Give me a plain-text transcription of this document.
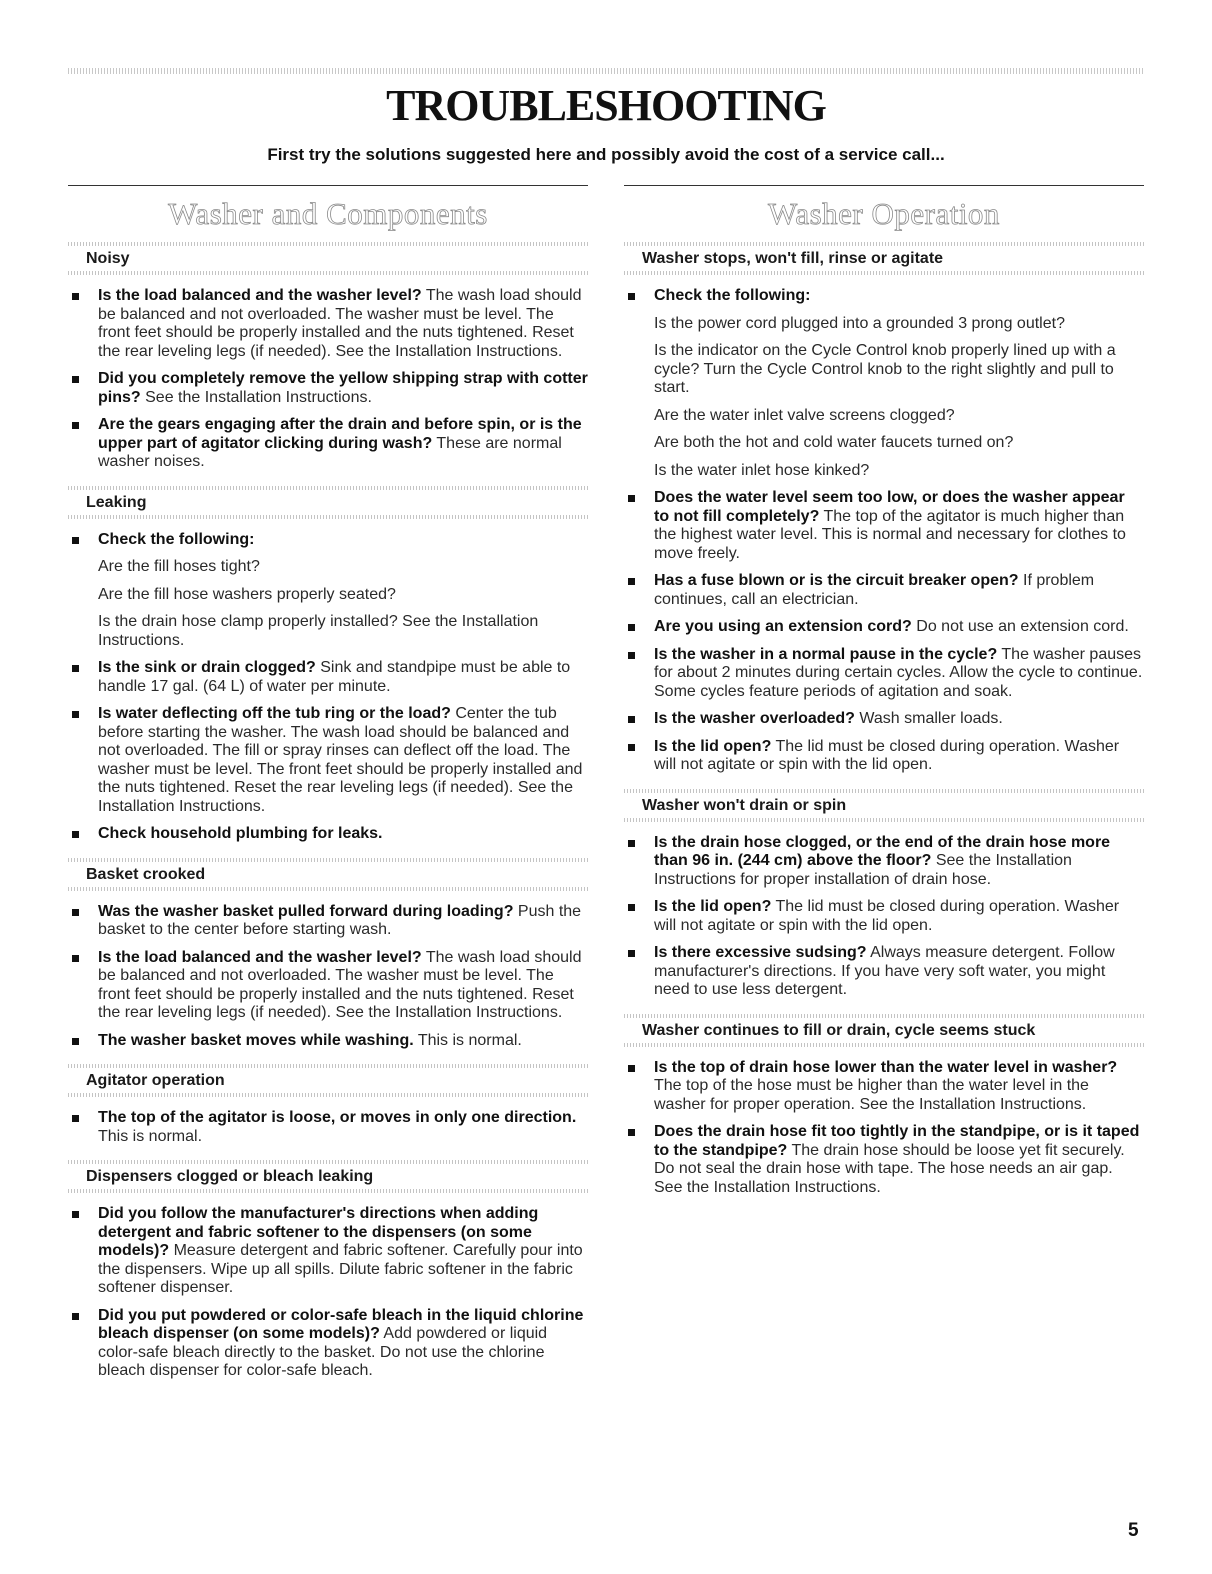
TROUBLESHOOTING

First try the solutions suggested here and possibly avoid the cost of a service call...

Washer and Components
Noisy

Is the load balanced and the washer level? The wash load should be balanced and not overloaded. The washer must be level. The front feet should be properly installed and the nuts tightened. Reset the rear leveling legs (if needed). See the Installation Instructions.

Did you completely remove the yellow shipping strap with cotter pins? See the Installation Instructions.

Are the gears engaging after the drain and before spin, or is the upper part of agitator clicking during wash? These are normal washer noises.

Leaking

Check the following:

Are the fill hoses tight?

Are the fill hose washers properly seated?

Is the drain hose clamp properly installed? See the Installation Instructions.

Is the sink or drain clogged? Sink and standpipe must be able to handle 17 gal. (64 L) of water per minute.

Is water deflecting off the tub ring or the load? Center the tub before starting the washer. The wash load should be balanced and not overloaded. The fill or spray rinses can deflect off the load. The washer must be level. The front feet should be properly installed and the nuts tightened. Reset the rear leveling legs (if needed). See the Installation Instructions.

Check household plumbing for leaks.

Basket crooked

Was the washer basket pulled forward during loading? Push the basket to the center before starting wash.

Is the load balanced and the washer level? The wash load should be balanced and not overloaded. The washer must be level. The front feet should be properly installed and the nuts tightened. Reset the rear leveling legs (if needed). See the Installation Instructions.

The washer basket moves while washing. This is normal.

Agitator operation

The top of the agitator is loose, or moves in only one direction. This is normal.

Dispensers clogged or bleach leaking

Did you follow the manufacturer's directions when adding detergent and fabric softener to the dispensers (on some models)? Measure detergent and fabric softener. Carefully pour into the dispensers. Wipe up all spills. Dilute fabric softener in the fabric softener dispenser.

Did you put powdered or color-safe bleach in the liquid chlorine bleach dispenser (on some models)? Add powdered or liquid color-safe bleach directly to the basket. Do not use the chlorine bleach dispenser for color-safe bleach.

Washer Operation
Washer stops, won't fill, rinse or agitate

Check the following:

Is the power cord plugged into a grounded 3 prong outlet?

Is the indicator on the Cycle Control knob properly lined up with a cycle? Turn the Cycle Control knob to the right slightly and pull to start.

Are the water inlet valve screens clogged?

Are both the hot and cold water faucets turned on?

Is the water inlet hose kinked?

Does the water level seem too low, or does the washer appear to not fill completely? The top of the agitator is much higher than the highest water level. This is normal and necessary for clothes to move freely.

Has a fuse blown or is the circuit breaker open? If problem continues, call an electrician.

Are you using an extension cord? Do not use an extension cord.

Is the washer in a normal pause in the cycle? The washer pauses for about 2 minutes during certain cycles. Allow the cycle to continue. Some cycles feature periods of agitation and soak.

Is the washer overloaded? Wash smaller loads.

Is the lid open? The lid must be closed during operation. Washer will not agitate or spin with the lid open.

Washer won't drain or spin

Is the drain hose clogged, or the end of the drain hose more than 96 in. (244 cm) above the floor? See the Installation Instructions for proper installation of drain hose.

Is the lid open? The lid must be closed during operation. Washer will not agitate or spin with the lid open.

Is there excessive sudsing? Always measure detergent. Follow manufacturer's directions. If you have very soft water, you might need to use less detergent.

Washer continues to fill or drain, cycle seems stuck

Is the top of drain hose lower than the water level in washer? The top of the hose must be higher than the water level in the washer for proper operation. See the Installation Instructions.

Does the drain hose fit too tightly in the standpipe, or is it taped to the standpipe? The drain hose should be loose yet fit securely. Do not seal the drain hose with tape. The hose needs an air gap. See the Installation Instructions.

5
